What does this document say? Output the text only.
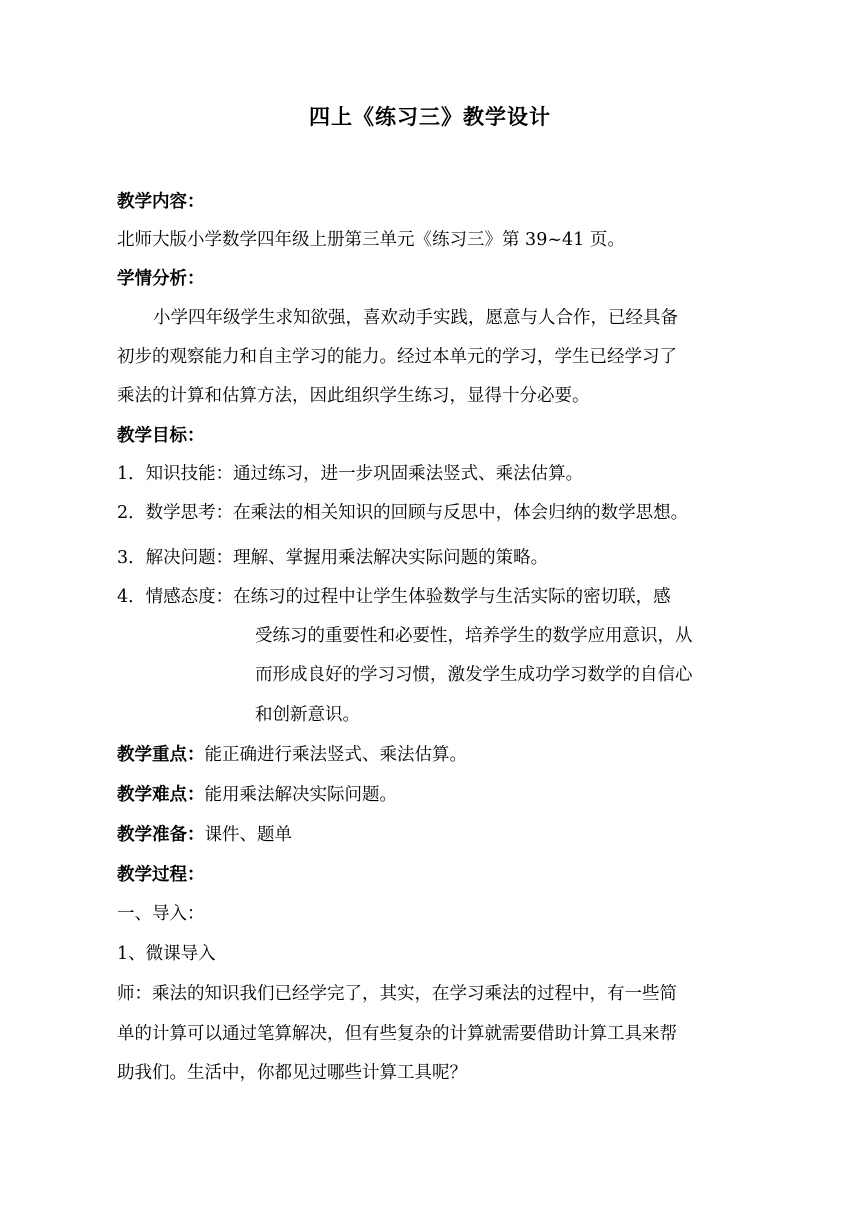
四上《练习三》教学设计
教学内容：
北师大版小学数学四年级上册第三单元《练习三》第 39~41 页。
学情分析：
小学四年级学生求知欲强，喜欢动手实践，愿意与人合作，已经具备
初步的观察能力和自主学习的能力。经过本单元的学习，学生已经学习了
乘法的计算和估算方法，因此组织学生练习，显得十分必要。
教学目标：
1．知识技能：通过练习，进一步巩固乘法竖式、乘法估算。
2．数学思考：在乘法的相关知识的回顾与反思中，体会归纳的数学思想。
3．解决问题：理解、掌握用乘法解决实际问题的策略。
4．情感态度：在练习的过程中让学生体验数学与生活实际的密切联，感
受练习的重要性和必要性，培养学生的数学应用意识，从
而形成良好的学习习惯，激发学生成功学习数学的自信心
和创新意识。
教学重点：能正确进行乘法竖式、乘法估算。
教学难点：能用乘法解决实际问题。
教学准备：课件、题单
教学过程：
一、导入：
1、微课导入
师：乘法的知识我们已经学完了，其实，在学习乘法的过程中，有一些简
单的计算可以通过笔算解决，但有些复杂的计算就需要借助计算工具来帮
助我们。生活中，你都见过哪些计算工具呢？
